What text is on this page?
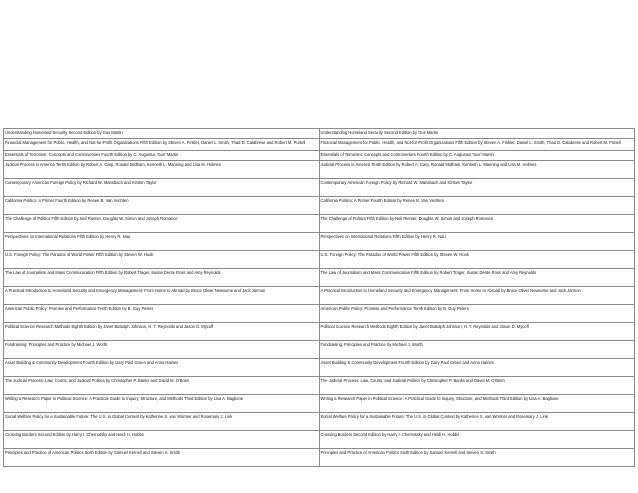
Understanding Homeland Security Second Edition by Gus Martin	Understanding Homeland Security Second Edition by Gus Martin
Financial Management for Public, Health, and Not-for-Profit Organizations Fifth Edition by Steven A. Finkler, Daniel L. Smith, Thad D. Calabrese and Robert M. Purtell	Financial Management for Public, Health, and Not-for-Profit Organizations Fifth Edition by Steven A. Finkler, Daniel L. Smith, Thad D. Calabrese and Robert M. Purtell
Essentials of Terrorism: Concepts and Controversies Fourth Edition by C. Augustus 'Gus' Martin	Essentials of Terrorism: Concepts and Controversies Fourth Edition by C. Augustus 'Gus' Martin
Judicial Process in America Tenth Edition by Robert A. Carp, Ronald Stidham, Kenneth L. Manning and Lisa M. Holmes	Judicial Process in America Tenth Edition by Robert A. Carp, Ronald Stidham, Kenneth L. Manning and Lisa M. Holmes
Contemporary American Foreign Policy by Richard W. Mansbach and Kirsten Taylor	Contemporary American Foreign Policy by Richard W. Mansbach and Kirsten Taylor
California Politics: A Primer Fourth Edition by Renee B. Van Vechten	California Politics: A Primer Fourth Edition by Renee B. Van Vechten
The Challenge of Politics Fifth Edition by Neil Riemer, Douglas W. Simon and Joseph Romance	The Challenge of Politics Fifth Edition by Neil Riemer, Douglas W. Simon and Joseph Romance
Perspectives on International Relations Fifth Edition by Henry R. Nau	Perspectives on International Relations Fifth Edition by Henry R. Nau
U.S. Foreign Policy: The Paradox of World Power Fifth Edition by Steven W. Hook	U.S. Foreign Policy: The Paradox of World Power Fifth Edition by Steven W. Hook
The Law of Journalism and Mass Communication Fifth Edition by Robert Trager, Susan Dente Ross and Amy Reynolds	The Law of Journalism and Mass Communication Fifth Edition by Robert Trager, Susan Dente Ross and Amy Reynolds
A Practical Introduction to Homeland Security and Emergency Management: From Home to Abroad by Bruce Oliver Newsome and Jack Jarmon	A Practical Introduction to Homeland Security and Emergency Management: From Home to Abroad by Bruce Oliver Newsome and Jack Jarmon
American Public Policy: Promise and Performance Tenth Edition by B. Guy Peters	American Public Policy: Promise and Performance Tenth Edition by B. Guy Peters
Political Science Research Methods Eighth Edition by Janet Buttolph Johnson, H. T. Reynolds and Jason D. Mycoff	Political Science Research Methods Eighth Edition by Janet Buttolph Johnson, H. T. Reynolds and Jason D. Mycoff
Fundraising: Principles and Practice by Michael J. Worth	Fundraising: Principles and Practice by Michael J. Worth
Asset Building & Community Development Fourth Edition by Gary Paul Green and Anna Haines	Asset Building & Community Development Fourth Edition by Gary Paul Green and Anna Haines
The Judicial Process: Law, Courts, and Judicial Politics by Christopher P. Banks and David M. O'Brien	The Judicial Process: Law, Courts, and Judicial Politics by Christopher P. Banks and David M. O'Brien
Writing a Research Paper in Political Science: A Practical Guide to Inquiry, Structure, and Methods Third Edition by Lisa A. Baglione	Writing a Research Paper in Political Science: A Practical Guide to Inquiry, Structure, and Methods Third Edition by Lisa A. Baglione
Social Welfare Policy for a Sustainable Future: The U.S. in Global Context by Katherine S. van Wormer and Rosemary J. Link	Social Welfare Policy for a Sustainable Future: The U.S. in Global Context by Katherine S. van Wormer and Rosemary J. Link
Crossing Borders Second Edition by Harry I. Chernotsky and Heidi H. Hobbs	Crossing Borders Second Edition by Harry I. Chernotsky and Heidi H. Hobbs
Principles and Practice of American Politics Sixth Edition by Samuel Kernell and Steven S. Smith	Principles and Practice of American Politics Sixth Edition by Samuel Kernell and Steven S. Smith
